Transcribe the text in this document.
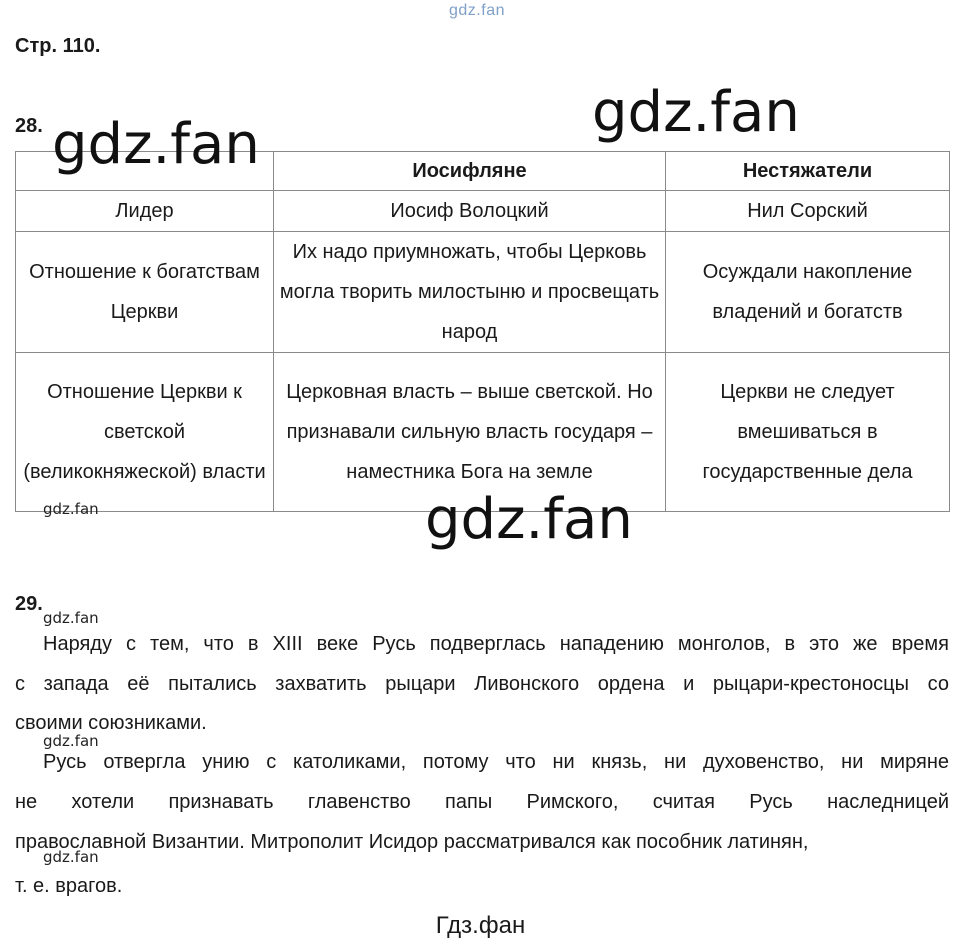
gdz.fan
Стр. 110.
28.
	Иосифляне	Нестяжатели
Лидер	Иосиф Волоцкий	Нил Сорский
Отношение к богатствам Церкви	Их надо приумножать, чтобы Церковь могла творить милостыню и просвещать народ	Осуждали накопление владений и богатств
Отношение Церкви к светской (великокняжеской) власти	Церковная власть – выше светской. Но признавали сильную власть государя – наместника Бога на земле	Церкви не следует вмешиваться в государственные дела
gdz.fan	gdz.fan
gdz.fan	gdz.fan
29.
gdz.fan
Наряду с тем, что в XIII веке Русь подверглась нападению монголов, в это же время
с запада её пытались захватить рыцари Ливонского ордена и рыцари-крестоносцы со
своими союзниками.
gdz.fan
Русь отвергла унию с католиками, потому что ни князь, ни духовенство, ни миряне
не хотели признавать главенство папы Римского, считая Русь наследницей
православной Византии. Митрополит Исидор рассматривался как пособник латинян,
gdz.fan
т. е. врагов.
Гдз.фан
